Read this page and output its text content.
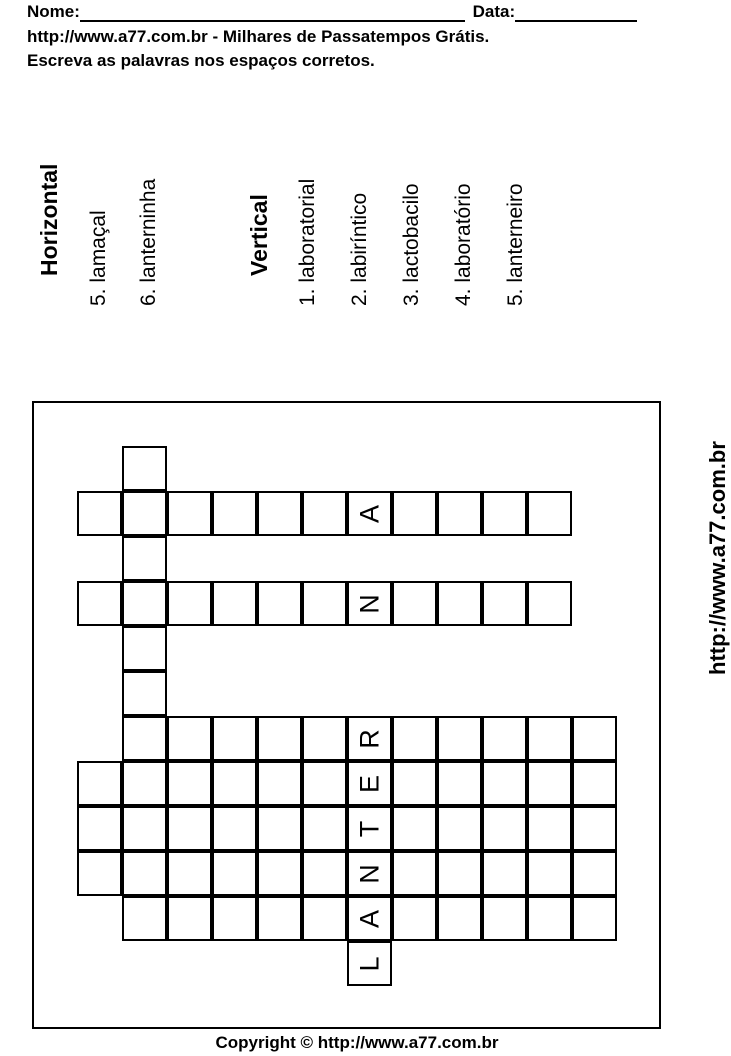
Nome:	Data:
http://www.a77.com.br - Milhares de Passatempos Grátis.
Escreva as palavras nos espaços corretos.
Horizontal 5. lamaçal 6. lanterninha	Vertical 1. laboratorial 2. labiríntico 3. lactobacilo 4. laboratório 5. lanterneiro
A
N
R
E
T
N
A
L
http://www.a77.com.br
Copyright © http://www.a77.com.br
